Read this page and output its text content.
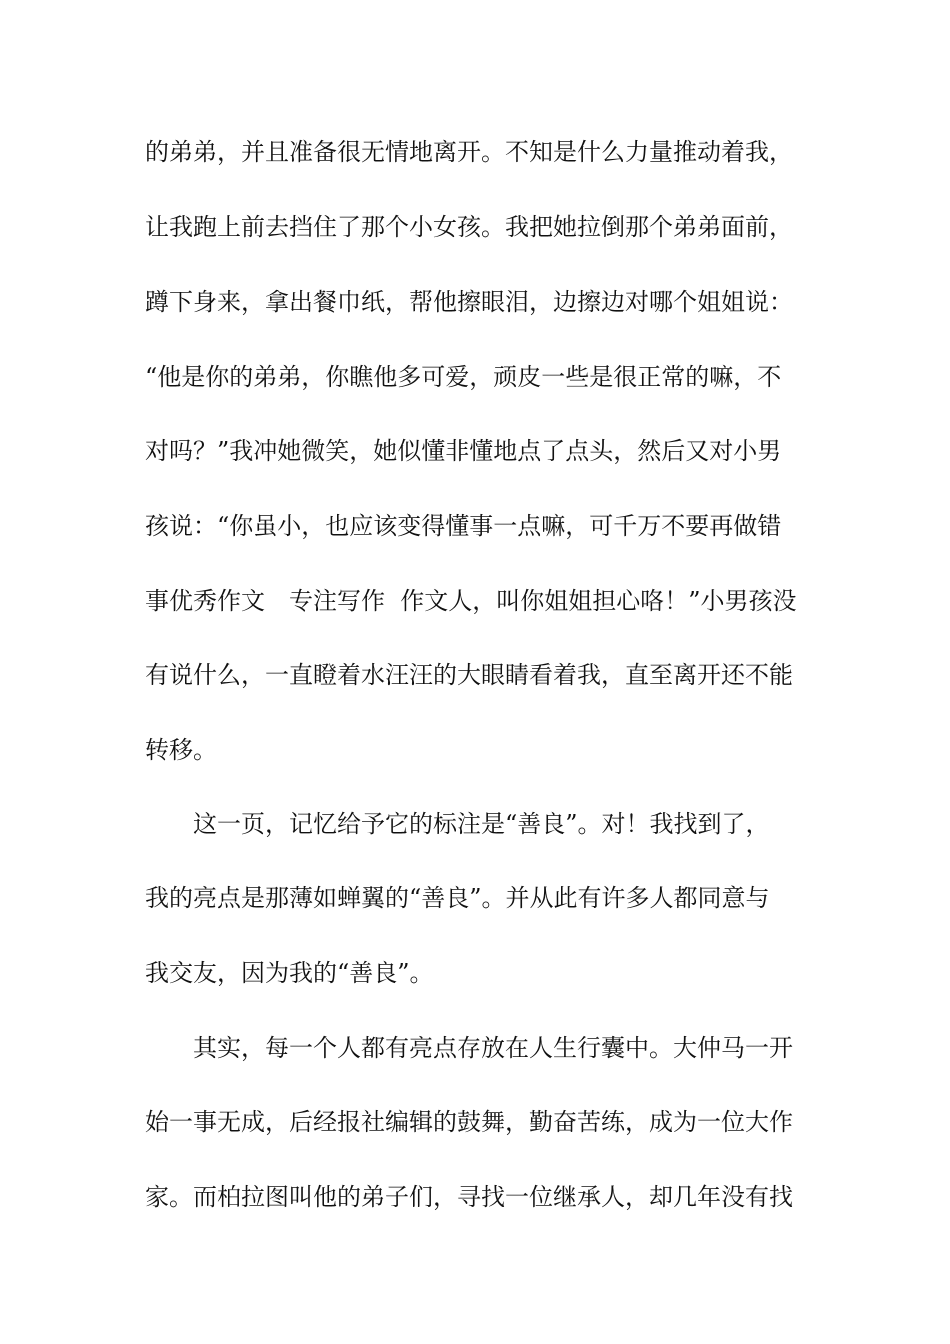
的弟弟，并且准备很无情地离开。不知是什么力量推动着我，
让我跑上前去挡住了那个小女孩。我把她拉倒那个弟弟面前，
蹲下身来，拿出餐巾纸，帮他擦眼泪，边擦边对哪个姐姐说：
“他是你的弟弟，你瞧他多可爱，顽皮一些是很正常的嘛，不
对吗？”我冲她微笑，她似懂非懂地点了点头，然后又对小男
孩说：“你虽小，也应该变得懂事一点嘛，可千万不要再做错
事优秀作文　专注写作  作文人，叫你姐姐担心咯！”小男孩没
有说什么，一直瞪着水汪汪的大眼睛看着我，直至离开还不能
转移。
　　这一页，记忆给予它的标注是“善良”。对！我找到了，
我的亮点是那薄如蝉翼的“善良”。并从此有许多人都同意与
我交友，因为我的“善良”。
　　其实，每一个人都有亮点存放在人生行囊中。大仲马一开
始一事无成，后经报社编辑的鼓舞，勤奋苦练，成为一位大作
家。而柏拉图叫他的弟子们，寻找一位继承人，却几年没有找
